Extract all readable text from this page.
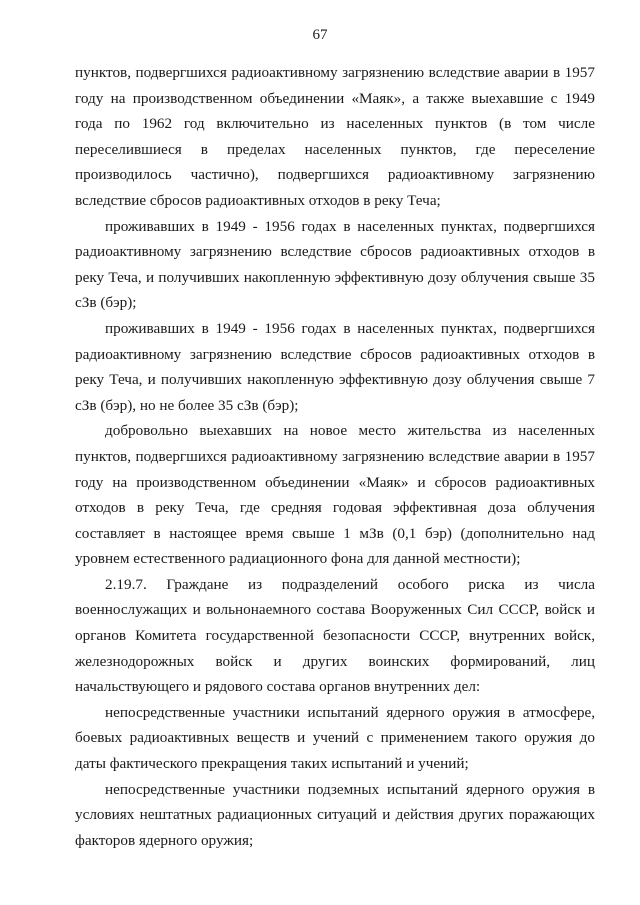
67

пунктов, подвергшихся радиоактивному загрязнению вследствие аварии в 1957 году на производственном объединении «Маяк», а также выехавшие с 1949 года по 1962 год включительно из населенных пунктов (в том числе переселившиеся в пределах населенных пунктов, где переселение производилось частично), подвергшихся радиоактивному загрязнению вследствие сбросов радиоактивных отходов в реку Теча;

проживавших в 1949 - 1956 годах в населенных пунктах, подвергшихся радиоактивному загрязнению вследствие сбросов радиоактивных отходов в реку Теча, и получивших накопленную эффективную дозу облучения свыше 35 сЗв (бэр);

проживавших в 1949 - 1956 годах в населенных пунктах, подвергшихся радиоактивному загрязнению вследствие сбросов радиоактивных отходов в реку Теча, и получивших накопленную эффективную дозу облучения свыше 7 сЗв (бэр), но не более 35 сЗв (бэр);

добровольно выехавших на новое место жительства из населенных пунктов, подвергшихся радиоактивному загрязнению вследствие аварии в 1957 году на производственном объединении «Маяк» и сбросов радиоактивных отходов в реку Теча, где средняя годовая эффективная доза облучения составляет в настоящее время свыше 1 мЗв (0,1 бэр) (дополнительно над уровнем естественного радиационного фона для данной местности);

2.19.7. Граждане из подразделений особого риска из числа военнослужащих и вольнонаемного состава Вооруженных Сил СССР, войск и органов Комитета государственной безопасности СССР, внутренних войск, железнодорожных войск и других воинских формирований, лиц начальствующего и рядового состава органов внутренних дел:

непосредственные участники испытаний ядерного оружия в атмосфере, боевых радиоактивных веществ и учений с применением такого оружия до даты фактического прекращения таких испытаний и учений;

непосредственные участники подземных испытаний ядерного оружия в условиях нештатных радиационных ситуаций и действия других поражающих факторов ядерного оружия;
